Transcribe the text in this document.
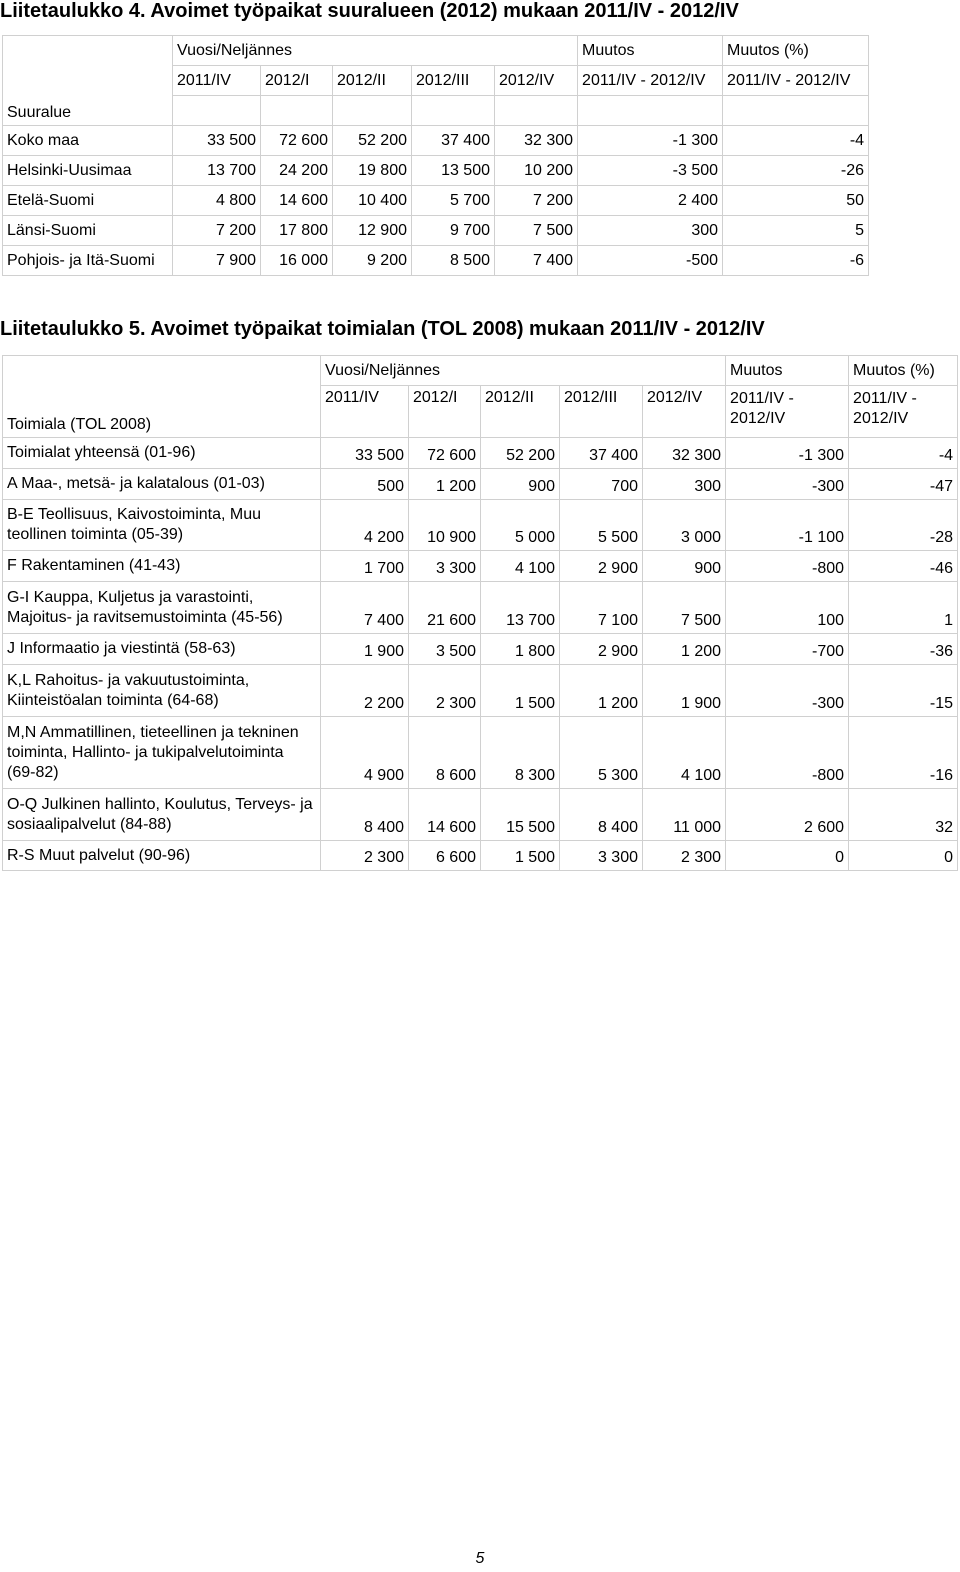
Liitetaulukko 4. Avoimet työpaikat suuralueen (2012) mukaan 2011/IV - 2012/IV
Suuralue	Vuosi/Neljännes					Muutos	Muutos (%)
	2011/IV	2012/I	2012/II	2012/III	2012/IV	2011/IV - 2012/IV	2011/IV - 2012/IV

Koko maa	33 500	72 600	52 200	37 400	32 300	-1 300	-4
Helsinki-Uusimaa	13 700	24 200	19 800	13 500	10 200	-3 500	-26
Etelä-Suomi	4 800	14 600	10 400	5 700	7 200	2 400	50
Länsi-Suomi	7 200	17 800	12 900	9 700	7 500	300	5
Pohjois- ja Itä-Suomi	7 900	16 000	9 200	8 500	7 400	-500	-6
Liitetaulukko 5. Avoimet työpaikat toimialan (TOL 2008) mukaan 2011/IV - 2012/IV
Toimiala (TOL 2008)	Vuosi/Neljännes					Muutos	Muutos (%)
	2011/IV	2012/I	2012/II	2012/III	2012/IV	2011/IV - 2012/IV	2011/IV - 2012/IV
Toimialat yhteensä (01-96)	33 500	72 600	52 200	37 400	32 300	-1 300	-4
A Maa-, metsä- ja kalatalous (01-03)	500	1 200	900	700	300	-300	-47
B-E Teollisuus, Kaivostoiminta, Muu teollinen toiminta (05-39)	4 200	10 900	5 000	5 500	3 000	-1 100	-28
F Rakentaminen (41-43)	1 700	3 300	4 100	2 900	900	-800	-46
G-I Kauppa, Kuljetus ja varastointi, Majoitus- ja ravitsemustoiminta (45-56)	7 400	21 600	13 700	7 100	7 500	100	1
J Informaatio ja viestintä (58-63)	1 900	3 500	1 800	2 900	1 200	-700	-36
K,L Rahoitus- ja vakuutustoiminta, Kiinteistöalan toiminta (64-68)	2 200	2 300	1 500	1 200	1 900	-300	-15
M,N Ammatillinen, tieteellinen ja tekninen toiminta, Hallinto- ja tukipalvelutoiminta (69-82)	4 900	8 600	8 300	5 300	4 100	-800	-16
O-Q Julkinen hallinto, Koulutus, Terveys- ja sosiaalipalvelut (84-88)	8 400	14 600	15 500	8 400	11 000	2 600	32
R-S Muut palvelut (90-96)	2 300	6 600	1 500	3 300	2 300	0	0
5
